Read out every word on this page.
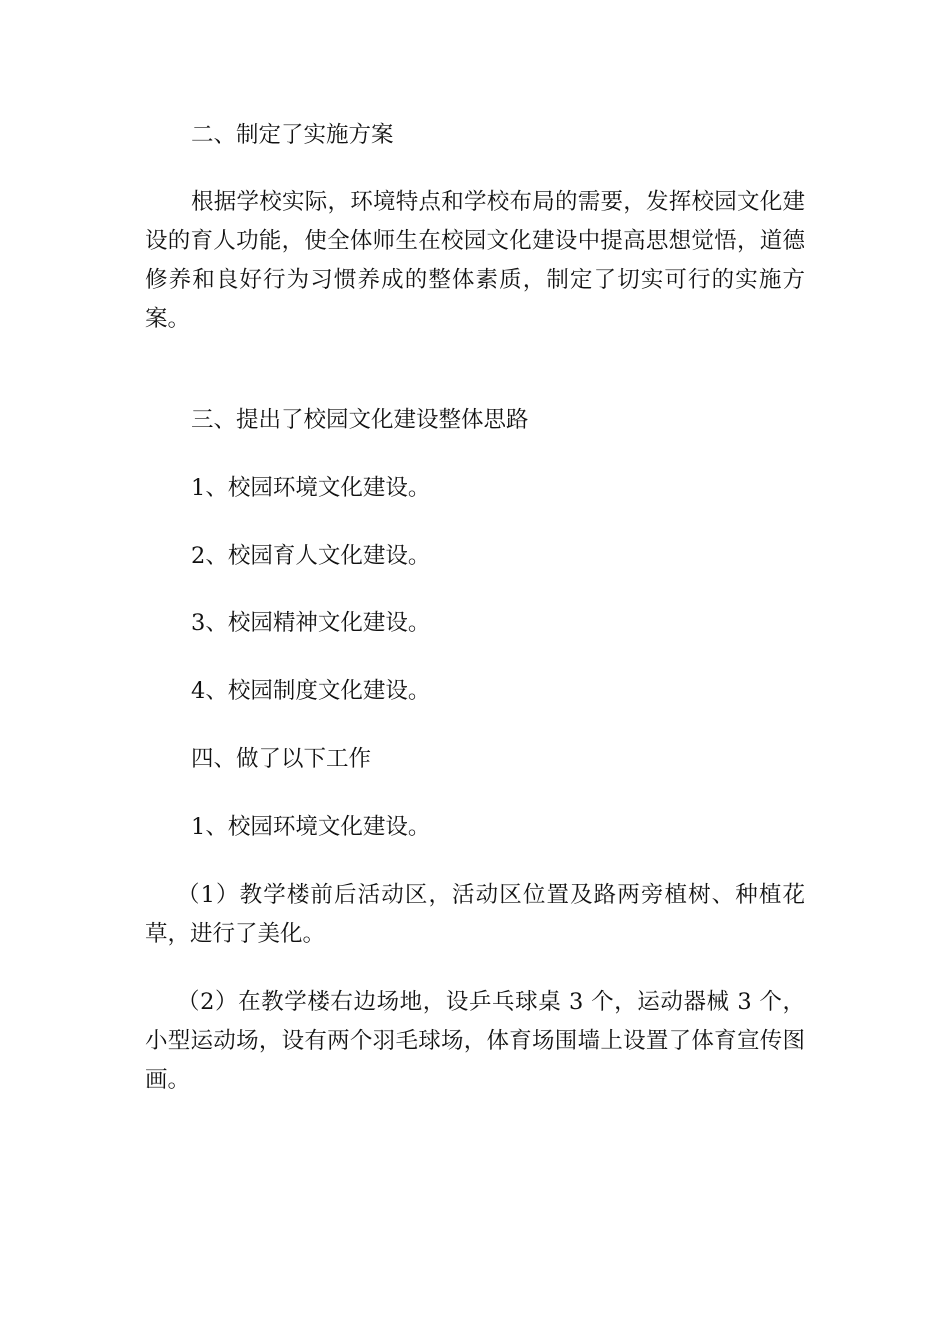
二、制定了实施方案

根据学校实际，环境特点和学校布局的需要，发挥校园文化建设的育人功能，使全体师生在校园文化建设中提高思想觉悟，道德修养和良好行为习惯养成的整体素质，制定了切实可行的实施方案。

三、提出了校园文化建设整体思路

1、校园环境文化建设。

2、校园育人文化建设。

3、校园精神文化建设。

4、校园制度文化建设。

四、做了以下工作

1、校园环境文化建设。

（1）教学楼前后活动区，活动区位置及路两旁植树、种植花草，进行了美化。

（2）在教学楼右边场地，设乒乓球桌 3 个，运动器械 3 个，小型运动场，设有两个羽毛球场，体育场围墙上设置了体育宣传图画。
